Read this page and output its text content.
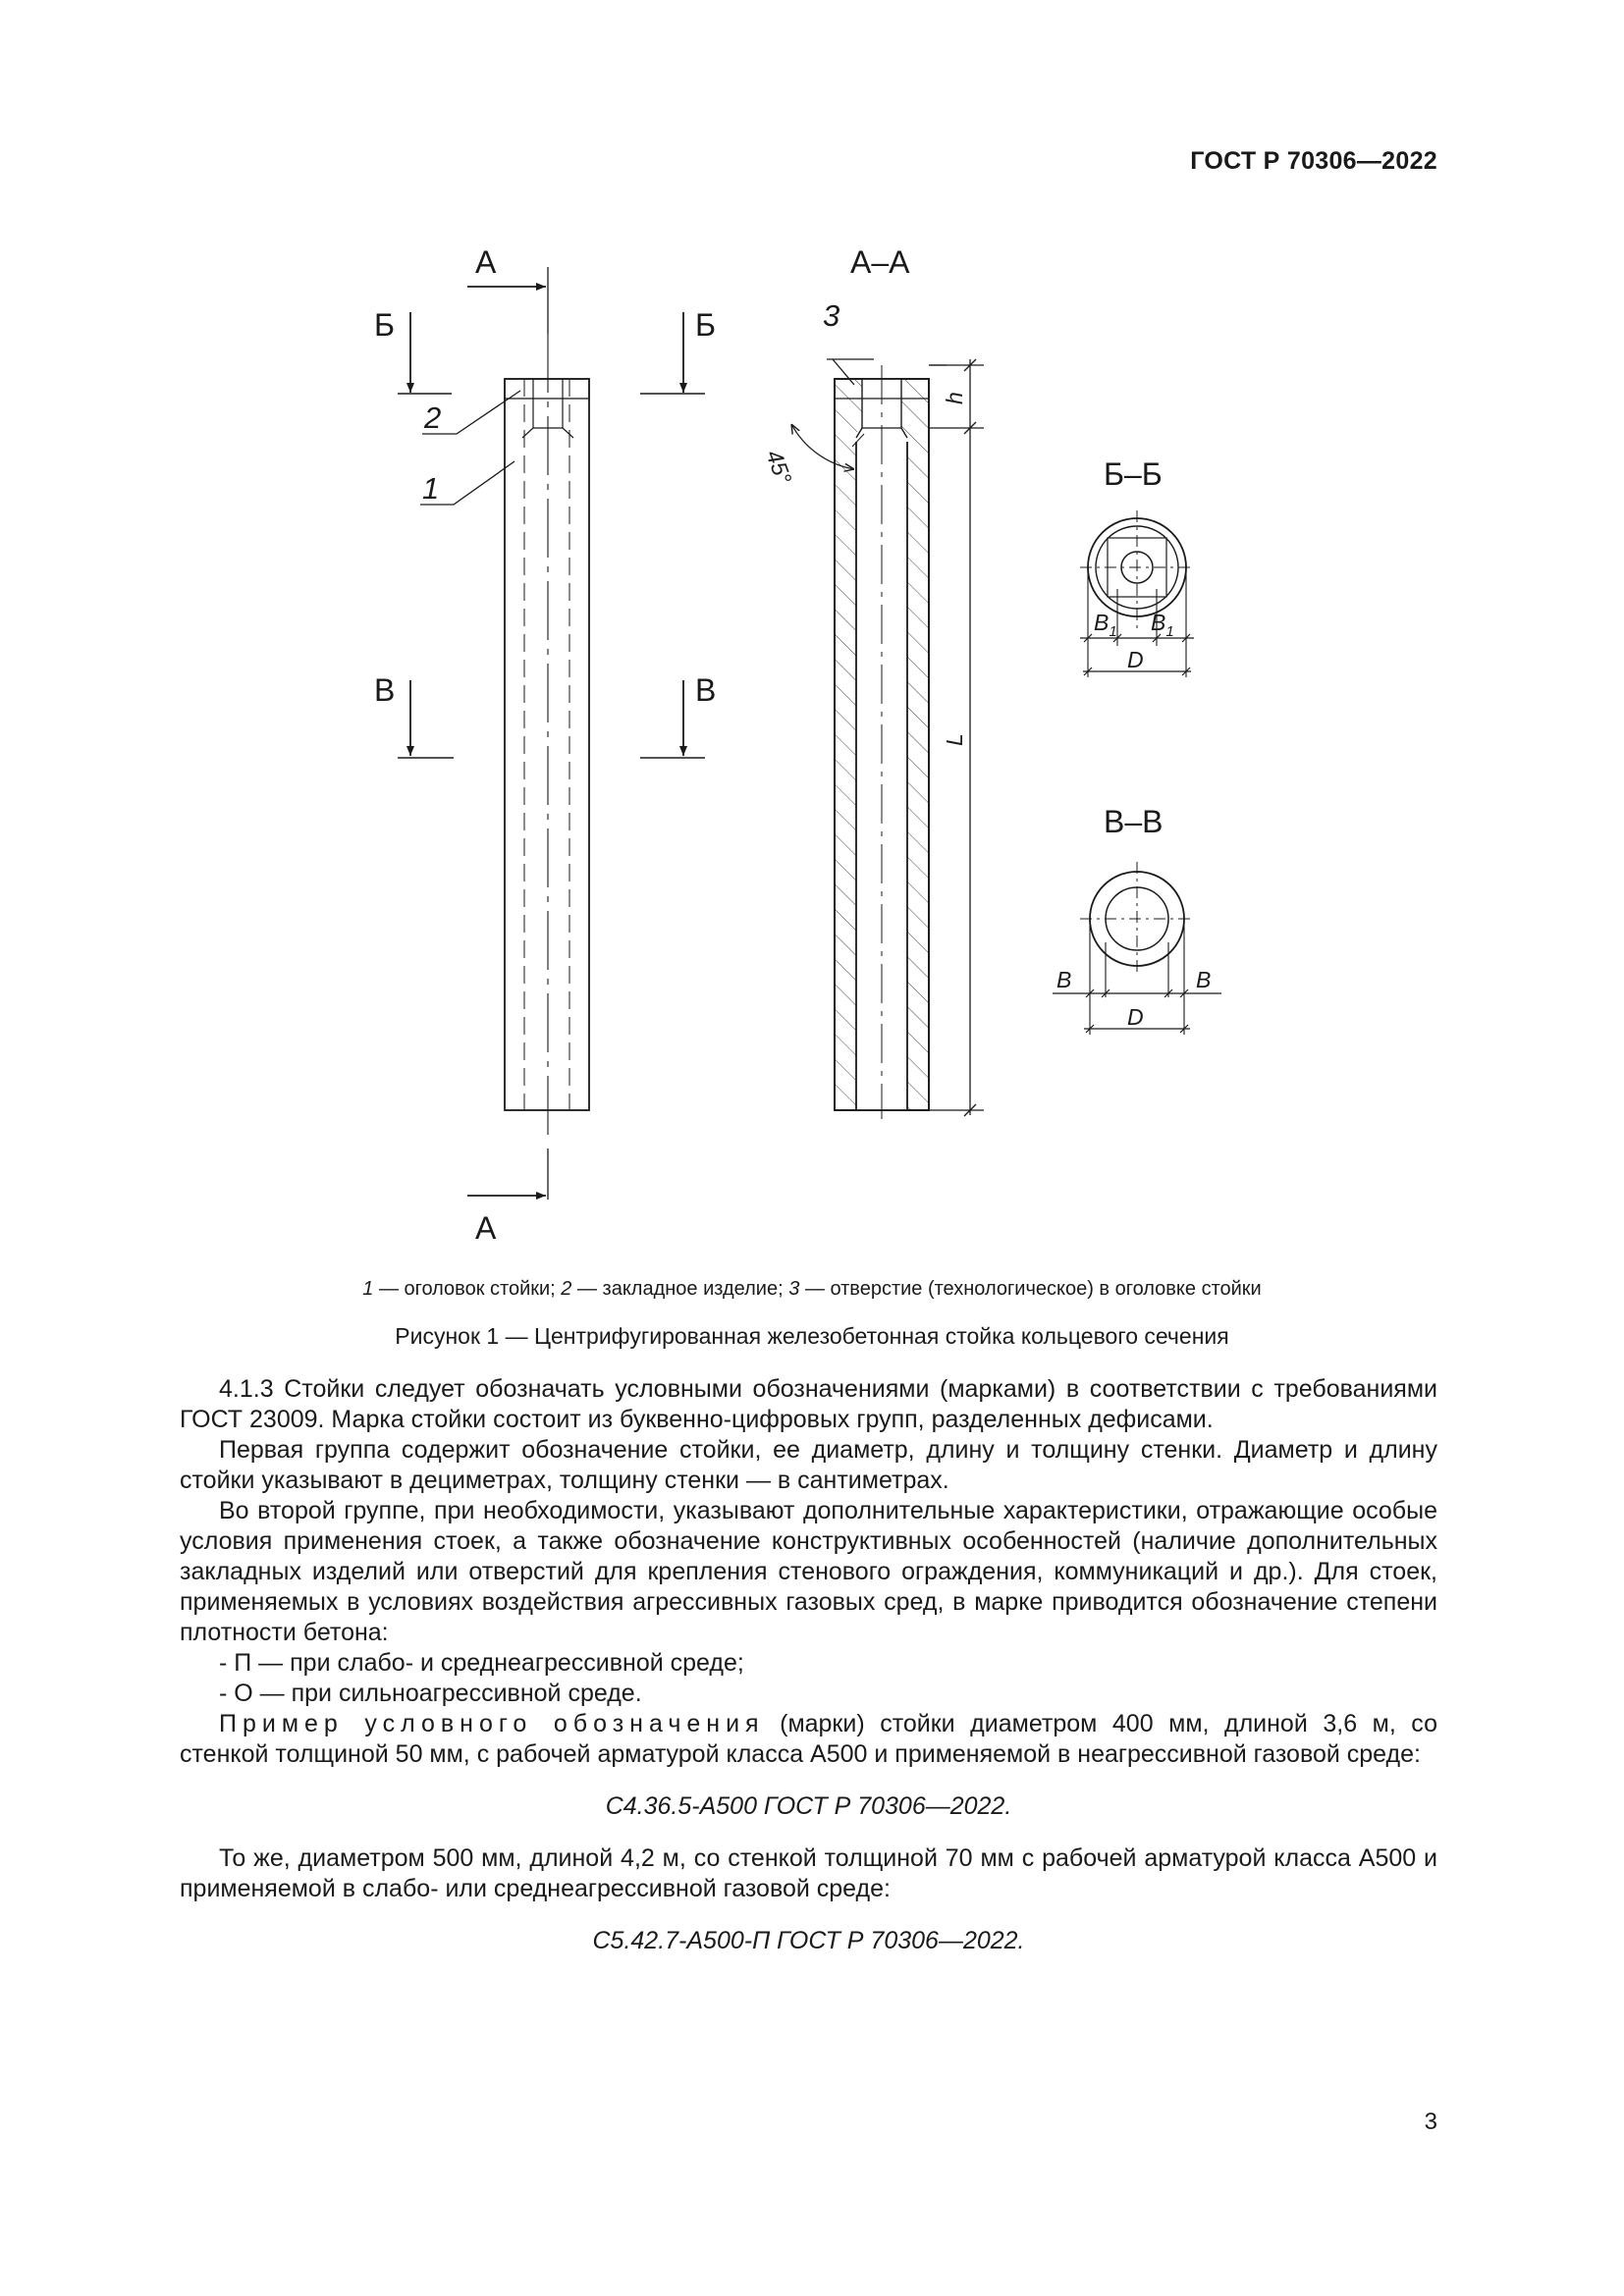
ГОСТ Р 70306—2022
А
А
Б	Б
В	В
А–А
Б–Б
В–В
2
1
3
h
L
45°
$B_1$ $B_1$
D
B	B
D
1 — оголовок стойки; 2 — закладное изделие; 3 — отверстие (технологическое) в оголовке стойки
Рисунок 1 — Центрифугированная железобетонная стойка кольцевого сечения

4.1.3 Стойки следует обозначать условными обозначениями (марками) в соответствии с требованиями ГОСТ 23009. Марка стойки состоит из буквенно-цифровых групп, разделенных дефисами.

Первая группа содержит обозначение стойки, ее диаметр, длину и толщину стенки. Диаметр и длину стойки указывают в дециметрах, толщину стенки — в сантиметрах.

Во второй группе, при необходимости, указывают дополнительные характеристики, отражающие особые условия применения стоек, а также обозначение конструктивных особенностей (наличие дополнительных закладных изделий или отверстий для крепления стенового ограждения, коммуникаций и др.). Для стоек, применяемых в условиях воздействия агрессивных газовых сред, в марке приводится обозначение степени плотности бетона:

- П — при слабо- и среднеагрессивной среде;

- О — при сильноагрессивной среде.

Пример условного обозначения (марки) стойки диаметром 400 мм, длиной 3,6 м, со стенкой толщиной 50 мм, с рабочей арматурой класса А500 и применяемой в неагрессивной газовой среде:

С4.36.5-А500 ГОСТ Р 70306—2022.

То же, диаметром 500 мм, длиной 4,2 м, со стенкой толщиной 70 мм с рабочей арматурой класса А500 и применяемой в слабо- или среднеагрессивной газовой среде:

С5.42.7-А500-П ГОСТ Р 70306—2022.

3
